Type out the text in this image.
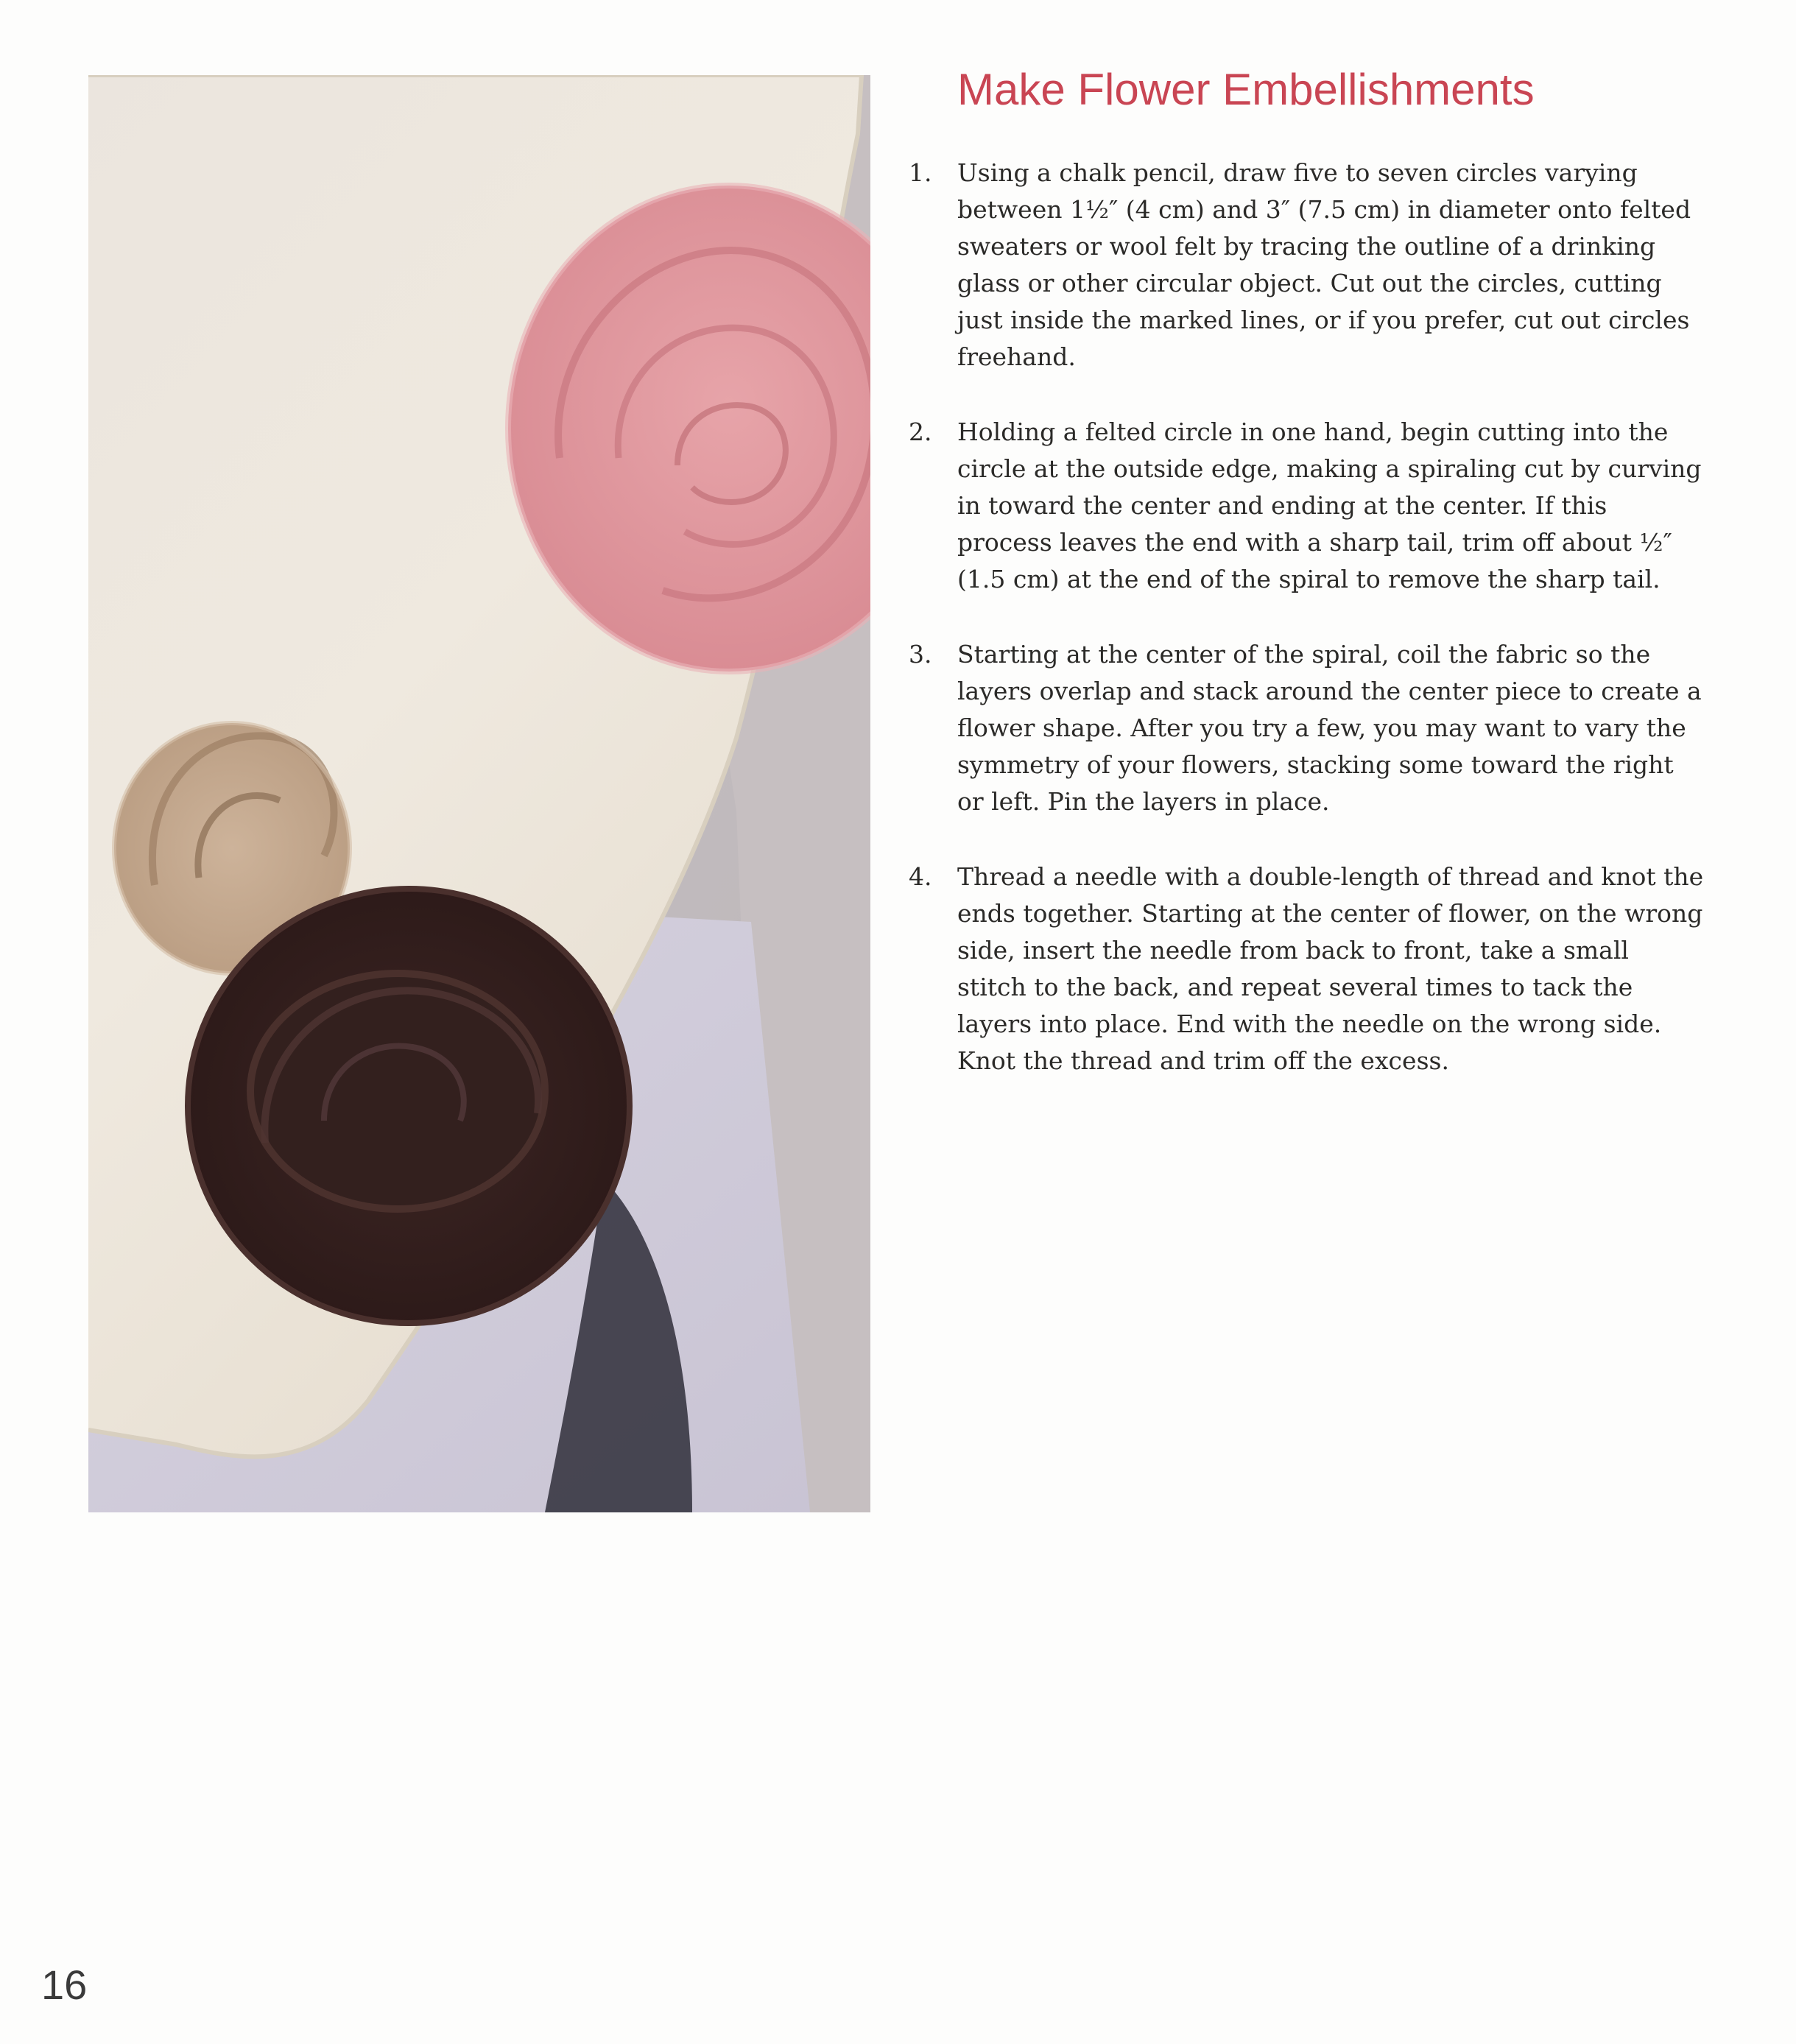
Make Flower Embellishments
1.	Using a chalk pencil, draw five to seven circles varying between 1½″ (4 cm) and 3″ (7.5 cm) in diameter onto felted sweaters or wool felt by tracing the outline of a drinking glass or other circular object. Cut out the circles, cutting just inside the marked lines, or if you prefer, cut out circles freehand.
2.	Holding a felted circle in one hand, begin cutting into the circle at the outside edge, making a spiraling cut by curving in toward the center and ending at the center. If this process leaves the end with a sharp tail, trim off about ½″ (1.5 cm) at the end of the spiral to remove the sharp tail.
3.	Starting at the center of the spiral, coil the fabric so the layers overlap and stack around the center piece to create a flower shape. After you try a few, you may want to vary the symmetry of your flowers, stacking some toward the right or left. Pin the layers in place.
4.	Thread a needle with a double-length of thread and knot the ends together. Starting at the center of flower, on the wrong side, insert the needle from back to front, take a small stitch to the back, and repeat several times to tack the layers into place. End with the needle on the wrong side. Knot the thread and trim off the excess.
16
